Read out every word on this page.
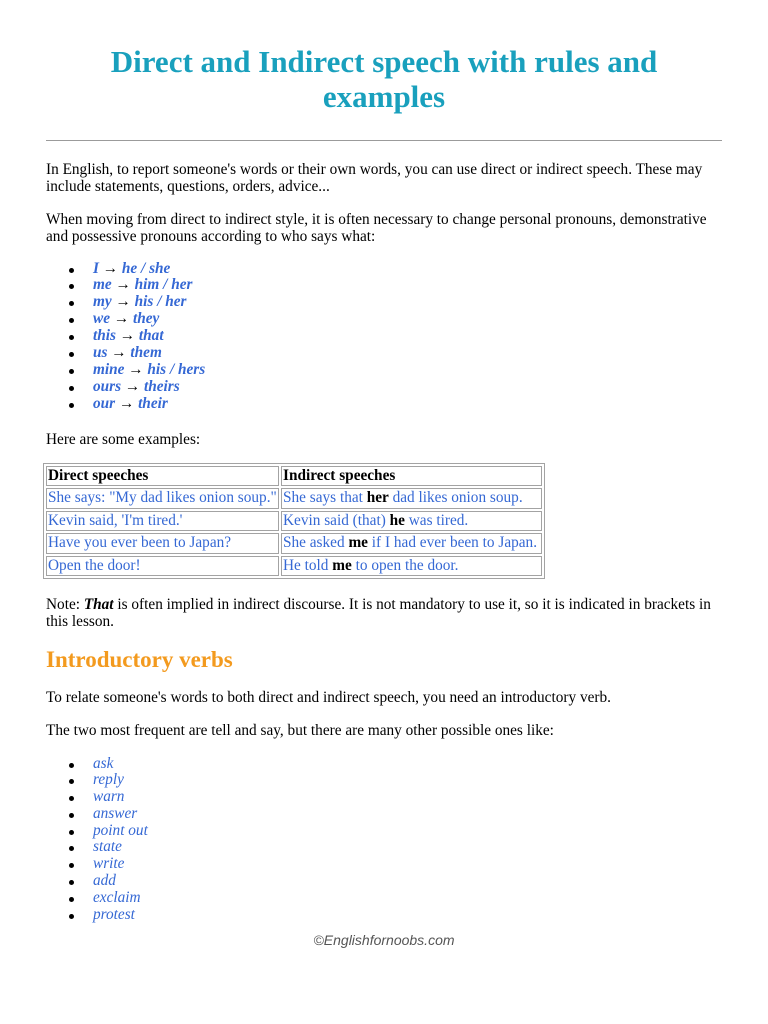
Direct and Indirect speech with rules and examples

In English, to report someone's words or their own words, you can use direct or indirect speech. These may include statements, questions, orders, advice...

When moving from direct to indirect style, it is often necessary to change personal pronouns, demonstrative and possessive pronouns according to who says what:

I → he / she
me → him / her
my → his / her
we → they
this → that
us → them
mine → his / hers
ours → theirs
our → their

Here are some examples:

Direct speeches	Indirect speeches
She says: "My dad likes onion soup."	She says that her dad likes onion soup.
Kevin said, 'I'm tired.'	Kevin said (that) he was tired.
Have you ever been to Japan?	She asked me if I had ever been to Japan.
Open the door!	He told me to open the door.

Note: That is often implied in indirect discourse. It is not mandatory to use it, so it is indicated in brackets in this lesson.

Introductory verbs

To relate someone's words to both direct and indirect speech, you need an introductory verb.

The two most frequent are tell and say, but there are many other possible ones like:

ask
reply
warn
answer
point out
state
write
add
exclaim
protest
©Englishfornoobs.com
